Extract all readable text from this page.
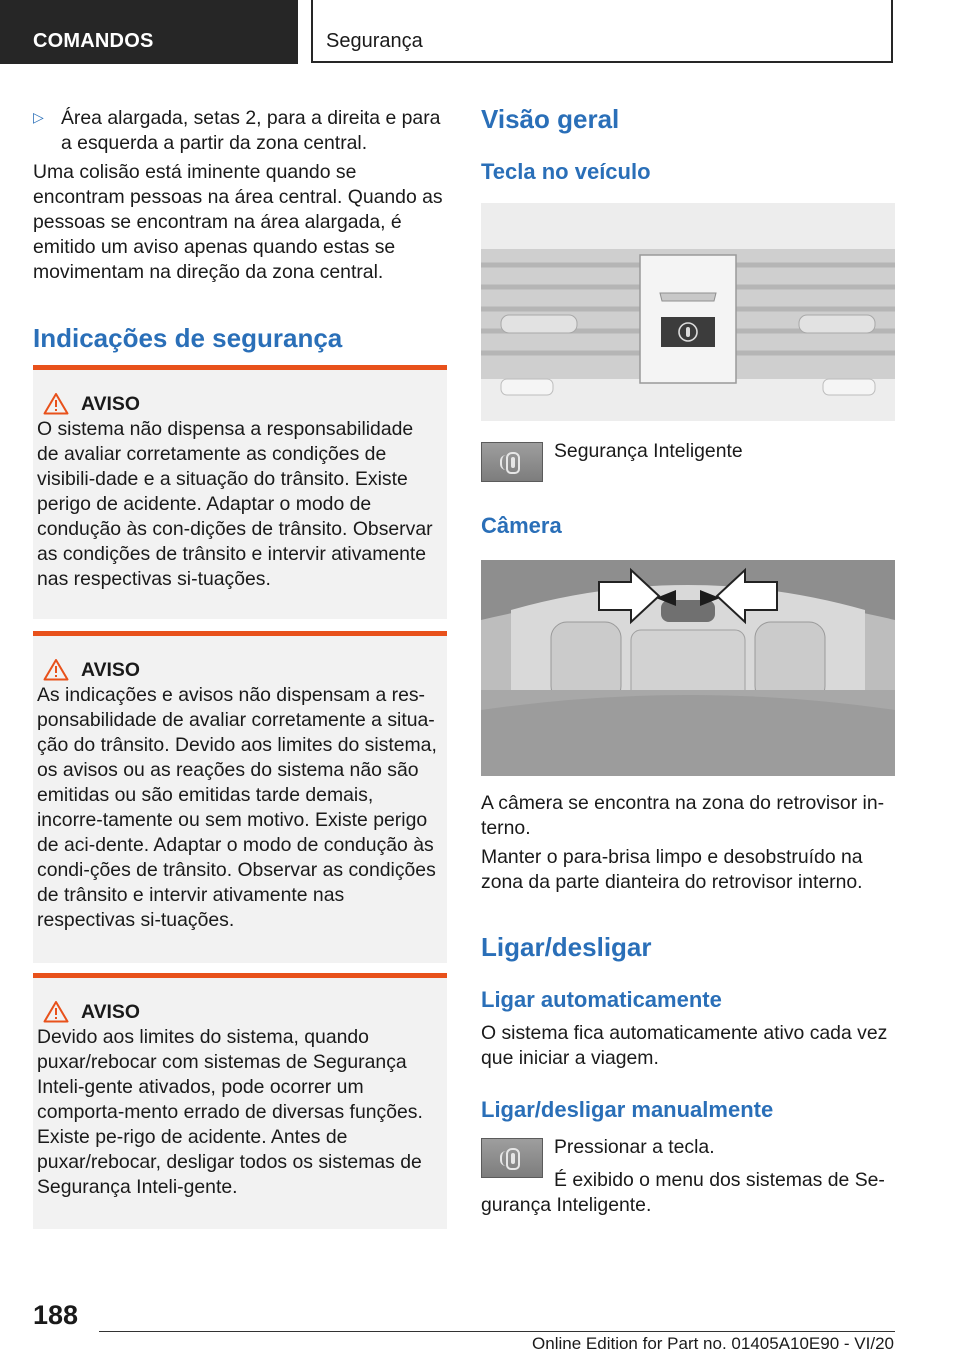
COMANDOS	Segurança
▷ Área alargada, setas 2, para a direita e para a esquerda a partir da zona central.

Uma colisão está iminente quando se encontram pessoas na área central. Quando as pessoas se encontram na área alargada, é emitido um aviso apenas quando estas se movimentam na direção da zona central.

Indicações de segurança
AVISO

O sistema não dispensa a responsabilidade de avaliar corretamente as condições de visibili-dade e a situação do trânsito. Existe perigo de acidente. Adaptar o modo de condução às con-dições de trânsito. Observar as condições de trânsito e intervir ativamente nas respectivas si-tuações.

AVISO

As indicações e avisos não dispensam a res-ponsabilidade de avaliar corretamente a situa-ção do trânsito. Devido aos limites do sistema, os avisos ou as reações do sistema não são emitidas ou são emitidas tarde demais, incorre-tamente ou sem motivo. Existe perigo de aci-dente. Adaptar o modo de condução às condi-ções de trânsito. Observar as condições de trânsito e intervir ativamente nas respectivas si-tuações.

AVISO

Devido aos limites do sistema, quando puxar/rebocar com sistemas de Segurança Inteli-gente ativados, pode ocorrer um comporta-mento errado de diversas funções. Existe pe-rigo de acidente. Antes de puxar/rebocar, desligar todos os sistemas de Segurança Inteli-gente.

Visão geral
Tecla no veículo

Segurança Inteligente

Câmera

A câmera se encontra na zona do retrovisor in-terno.

Manter o para-brisa limpo e desobstruído na zona da parte dianteira do retrovisor interno.

Ligar/desligar
Ligar automaticamente

O sistema fica automaticamente ativo cada vez que iniciar a viagem.

Ligar/desligar manualmente

Pressionar a tecla.

É exibido o menu dos sistemas de Se-gurança Inteligente.

188
Online Edition for Part no. 01405A10E90 - VI/20
